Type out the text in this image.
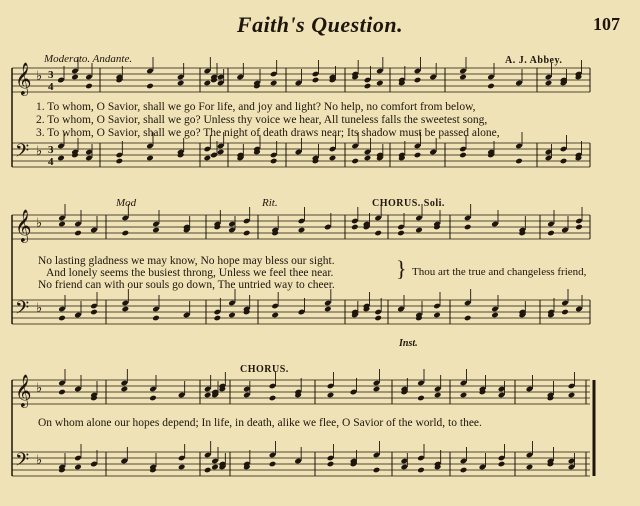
Faith's Question.	107
Moderato. Andante.	A. J. Abbey.
𝄞
𝄢
♭
♭
𝄞
𝄢
♭
♭
𝄞
𝄢
♭
♭
3
4
3
4
1. To whom, O Savior, shall we go For life, and joy and light? No help, no comfort from below,
2. To whom, O Savior, shall we go? Unless thy voice we hear, All tuneless falls the sweetest song,
3. To whom, O Savior, shall we go? The night of death draws near; Its shadow must be passed alone,
Mod	Rit.	CHORUS. Soli.
No lasting gladness we may know, No hope may bless our sight.
And lonely seems the busiest throng, Unless we feel thee near.
No friend can with our souls go down, The untried way to cheer.
} Thou art the true and changeless friend,
Inst.
CHORUS.
On whom alone our hopes depend; In life, in death, alike we flee, O Savior of the world, to thee.
